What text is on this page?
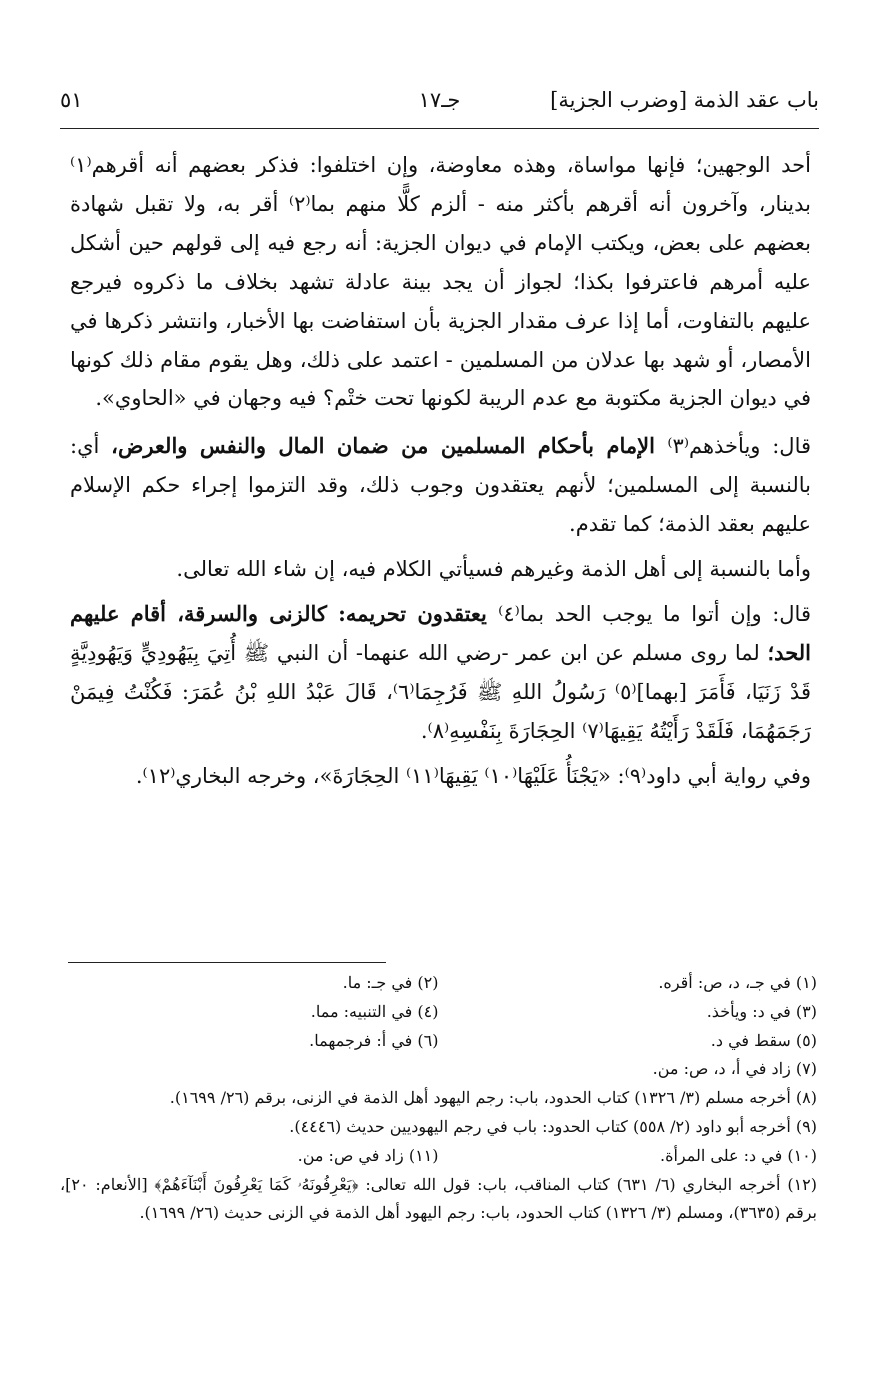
باب عقد الذمة [وضرب الجزية]
جـ١٧
٥١

أحد الوجهين؛ فإنها مواساة، وهذه معاوضة، وإن اختلفوا: فذكر بعضهم أنه أقرهم⁽١⁾ بدينار، وآخرون أنه أقرهم بأكثر منه - ألزم كلًّا منهم بما⁽٢⁾ أقر به، ولا تقبل شهادة بعضهم على بعض، ويكتب الإمام في ديوان الجزية: أنه رجع فيه إلى قولهم حين أشكل عليه أمرهم فاعترفوا بكذا؛ لجواز أن يجد بينة عادلة تشهد بخلاف ما ذكروه فيرجع عليهم بالتفاوت، أما إذا عرف مقدار الجزية بأن استفاضت بها الأخبار، وانتشر ذكرها في الأمصار، أو شهد بها عدلان من المسلمين - اعتمد على ذلك، وهل يقوم مقام ذلك كونها في ديوان الجزية مكتوبة مع عدم الريبة لكونها تحت ختْم؟ فيه وجهان في «الحاوي».

قال: ويأخذهم⁽٣⁾ الإمام بأحكام المسلمين من ضمان المال والنفس والعرض، أي: بالنسبة إلى المسلمين؛ لأنهم يعتقدون وجوب ذلك، وقد التزموا إجراء حكم الإسلام عليهم بعقد الذمة؛ كما تقدم.

وأما بالنسبة إلى أهل الذمة وغيرهم فسيأتي الكلام فيه، إن شاء الله تعالى.

قال: وإن أتوا ما يوجب الحد بما⁽٤⁾ يعتقدون تحريمه: كالزنى والسرقة، أقام عليهم الحد؛ لما روى مسلم عن ابن عمر -رضي الله عنهما- أن النبي ﷺ أُتِيَ بِيَهُودِيٍّ وَيَهُودِيَّةٍ قَدْ زَنَيَا، فَأَمَرَ [بهما]⁽٥⁾ رَسُولُ اللهِ ﷺ فَرُجِمَا⁽٦⁾، قَالَ عَبْدُ اللهِ بْنُ عُمَرَ: فَكُنْتُ فِيمَنْ رَجَمَهُمَا، فَلَقَدْ رَأَيْتُهُ يَقِيهَا⁽٧⁾ الحِجَارَةَ بِنَفْسِهِ⁽٨⁾.

وفي رواية أبي داود⁽٩⁾: «يَجْنَأُ عَلَيْهَا⁽١٠⁾ يَقِيهَا⁽١١⁾ الحِجَارَةَ»، وخرجه البخاري⁽١٢⁾.

(١) في جـ، د، ص: أقره.
(٢) في جـ: ما.
(٣) في د: ويأخذ.
(٤) في التنبيه: مما.
(٥) سقط في د.
(٦) في أ: فرجمهما.
(٧) زاد في أ، د، ص: من.
(٨) أخرجه مسلم (٣/ ١٣٢٦) كتاب الحدود، باب: رجم اليهود أهل الذمة في الزنى، برقم (٢٦/ ١٦٩٩).
(٩) أخرجه أبو داود (٢/ ٥٥٨) كتاب الحدود: باب في رجم اليهوديين حديث (٤٤٤٦).
(١٠) في د: على المرأة.
(١١) زاد في ص: من.
(١٢) أخرجه البخاري (٦/ ٦٣١) كتاب المناقب، باب: قول الله تعالى: ﴿يَعْرِفُونَهُۥ كَمَا يَعْرِفُونَ أَبْنَآءَهُمْ﴾ [الأنعام: ٢٠]، برقم (٣٦٣٥)، ومسلم (٣/ ١٣٢٦) كتاب الحدود، باب: رجم اليهود أهل الذمة في الزنى حديث (٢٦/ ١٦٩٩).
